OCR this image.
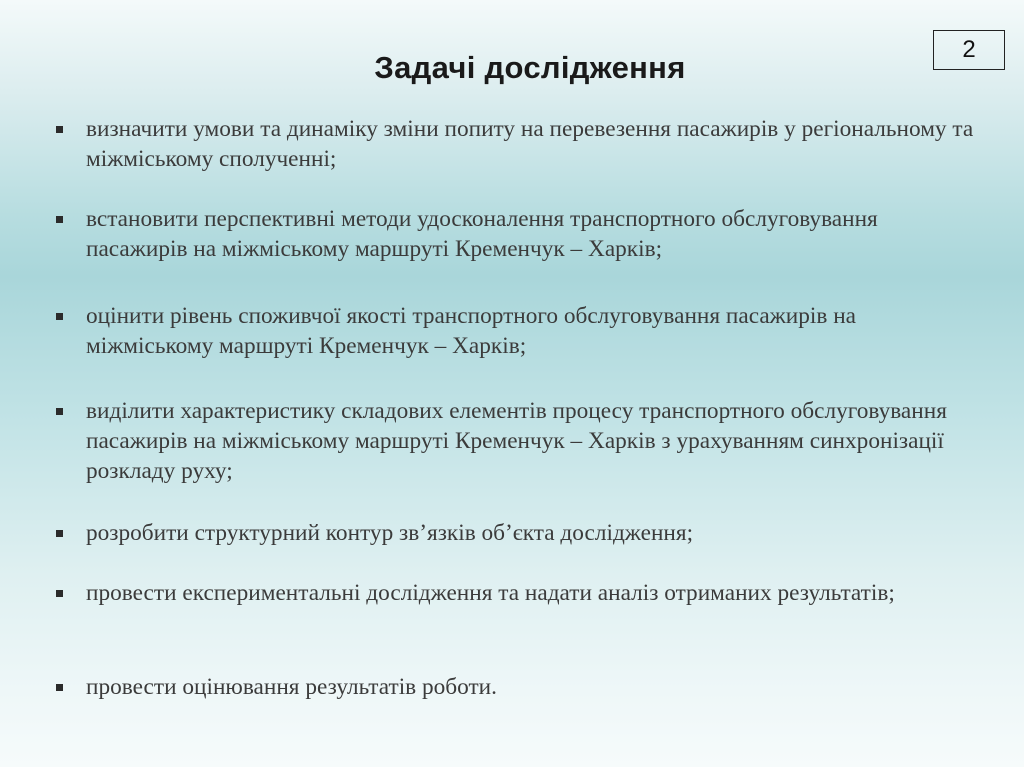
Задачі дослідження
2
визначити умови та динаміку зміни попиту на перевезення пасажирів у регіональному та міжміському сполученні;
встановити перспективні методи удосконалення транспортного обслуговування пасажирів на міжміському маршруті Кременчук – Харків;
оцінити рівень споживчої якості транспортного обслуговування пасажирів на міжміському маршруті Кременчук – Харків;
виділити характеристику складових елементів процесу транспортного обслуговування пасажирів на міжміському маршруті Кременчук – Харків з урахуванням синхронізації розкладу руху;
розробити структурний контур зв’язків об’єкта дослідження;
провести експериментальні дослідження та надати аналіз отриманих результатів;
провести оцінювання результатів роботи.
